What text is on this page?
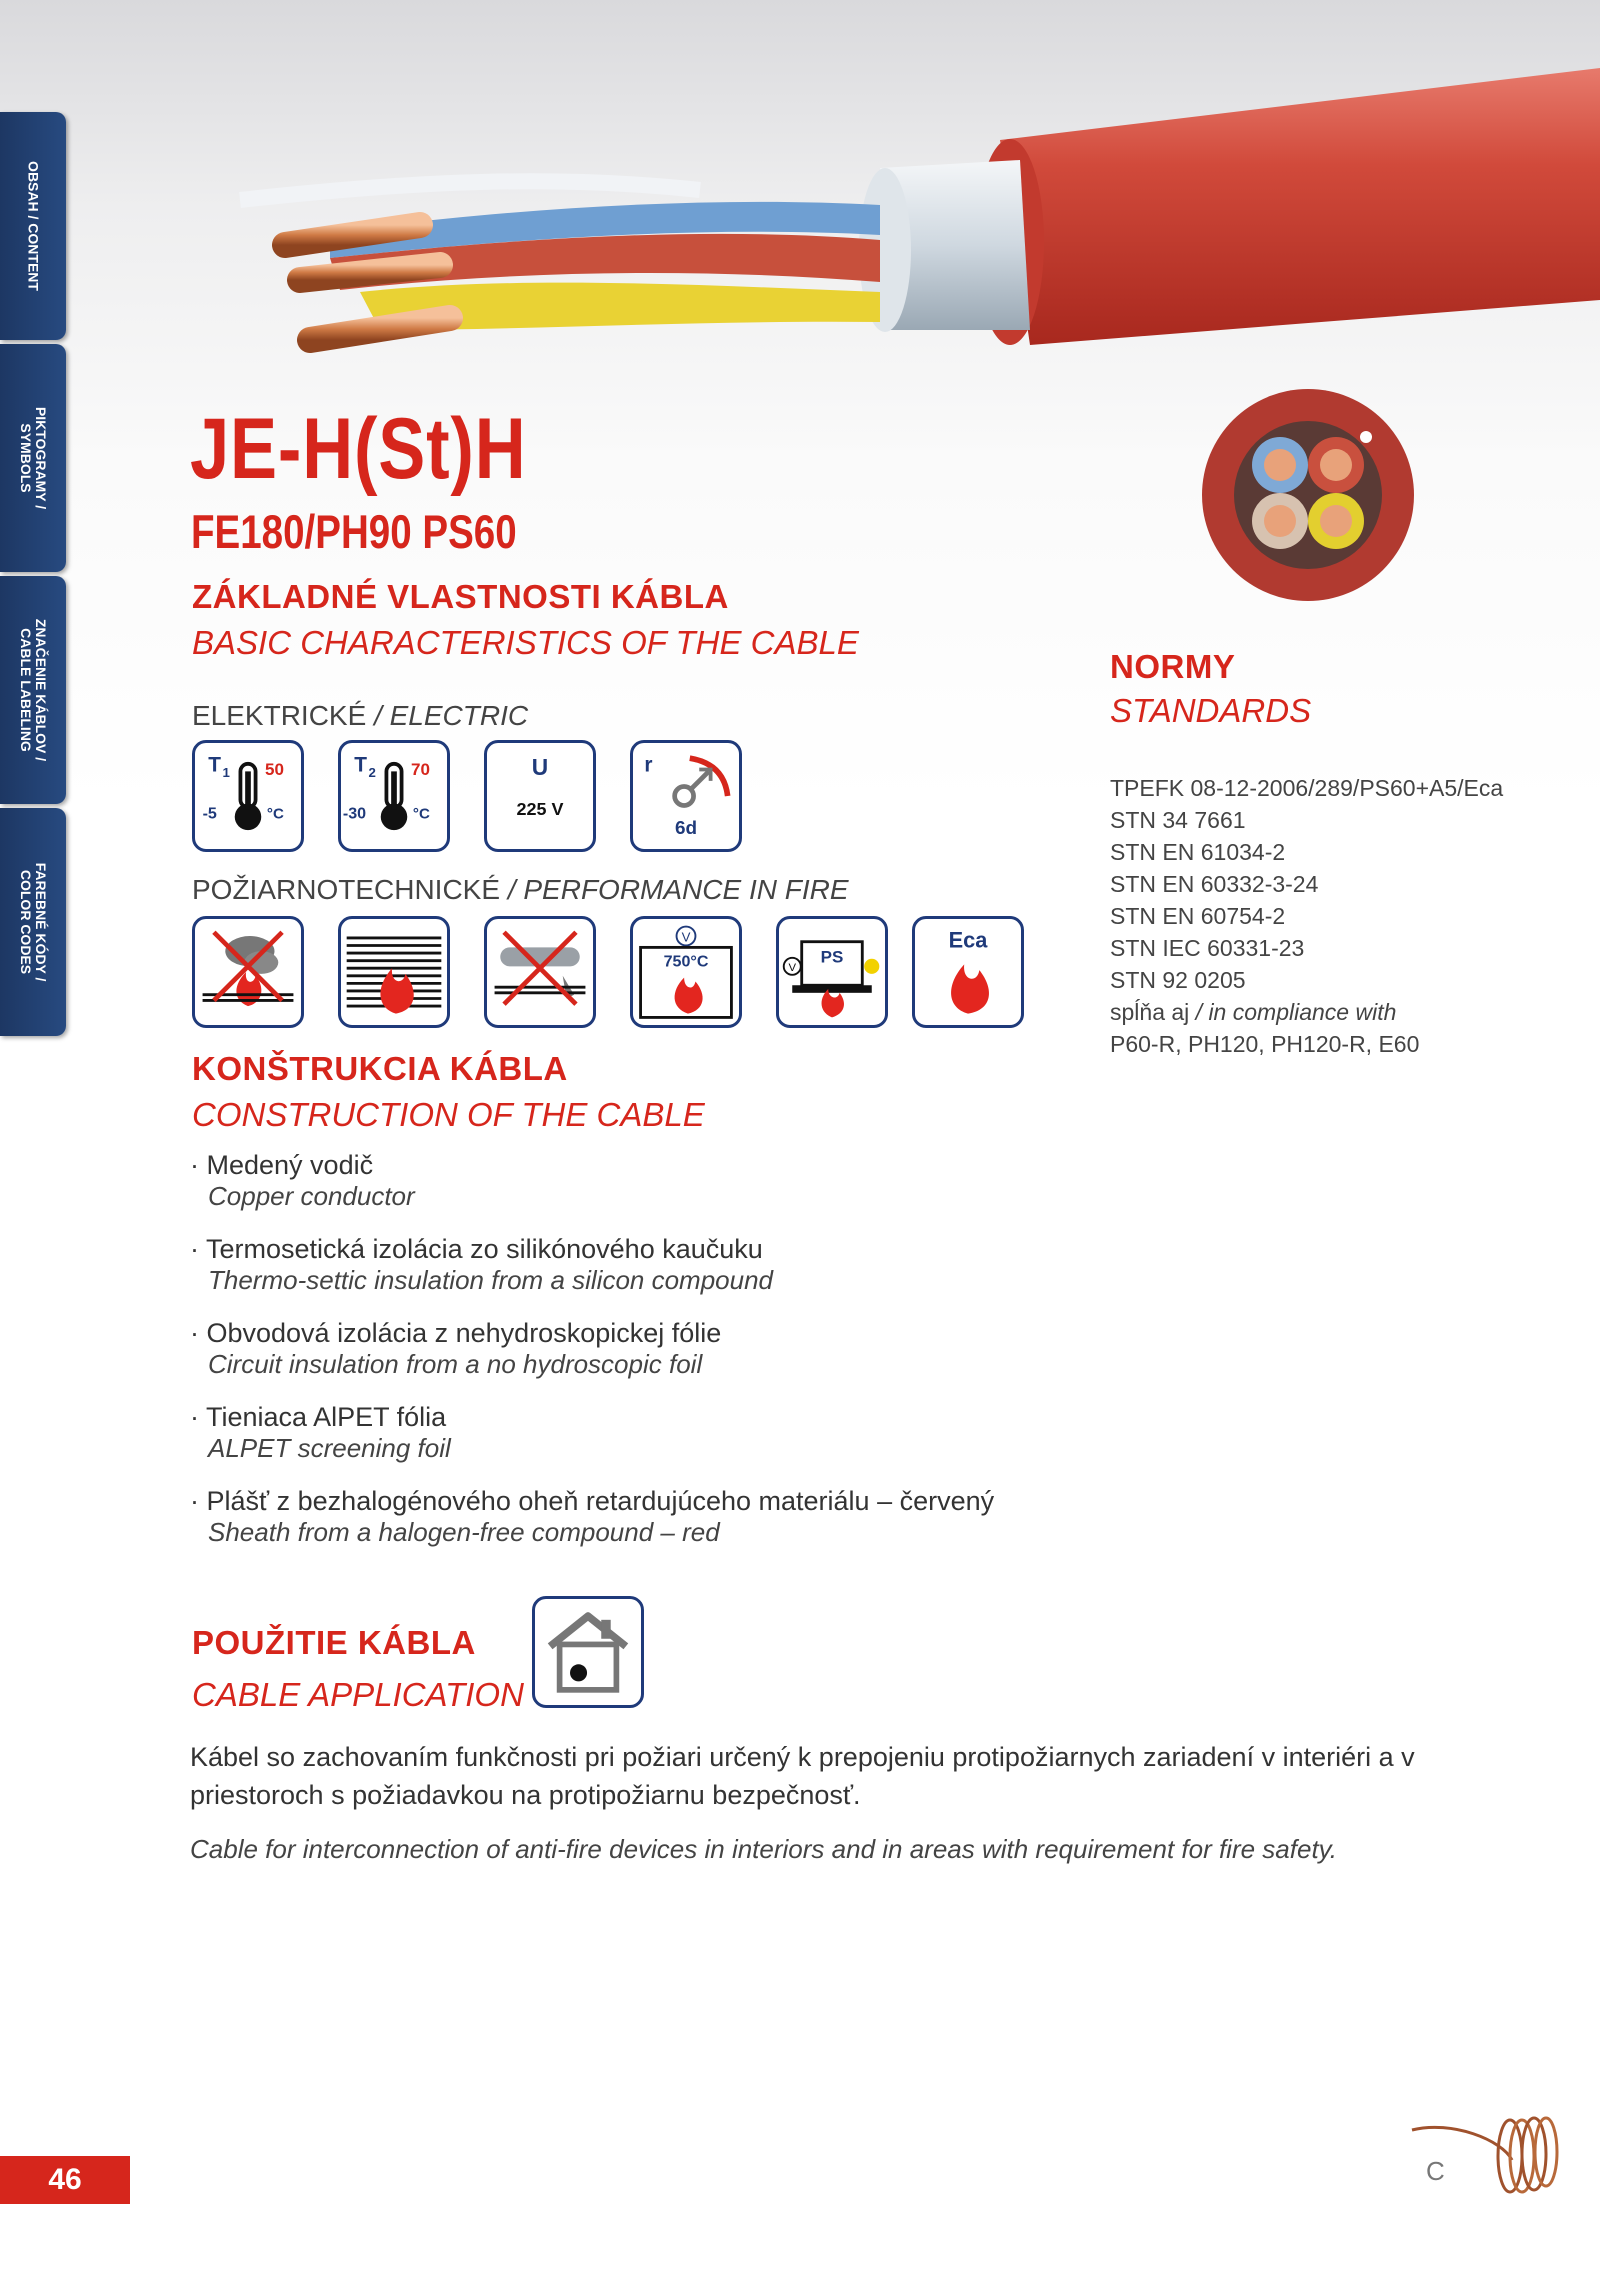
OBSAH / CONTENT
PIKTOGRAMY /
SYMBOLS
ZNAČENIE KÁBLOV /
CABLE LABELING
FAREBNÉ KÓDY /
COLOR CODES
JE-H(St)H
FE180/PH90 PS60
ZÁKLADNÉ VLASTNOSTI KÁBLA
BASIC CHARACTERISTICS OF THE CABLE
ELEKTRICKÉ / ELECTRIC
T 1 50
-5	°C
T 2 70
-30	°C
U
225 V
r
6d
POŽIARNOTECHNICKÉ / PERFORMANCE IN FIRE
V
750°C	V
PS
Eca
KONŠTRUKCIA KÁBLA
CONSTRUCTION OF THE CABLE
· Medený vodič
Copper conductor
· Termosetická izolácia zo silikónového kaučuku
Thermo-settic insulation from a silicon compound
· Obvodová izolácia z nehydroskopickej fólie
Circuit insulation from a no hydroscopic foil
· Tieniaca AlPET fólia
ALPET screening foil
· Plášť z bezhalogénového oheň retardujúceho materiálu – červený
Sheath from a halogen-free compound – red
POUŽITIE KÁBLA
CABLE APPLICATION
Kábel so zachovaním funkčnosti pri požiari určený k prepojeniu protipožiarnych zariadení v interiéri a v priestoroch s požiadavkou na protipožiarnu bezpečnosť.
Cable for interconnection of anti-fire devices in interiors and in areas with requirement for fire safety.
NORMY
STANDARDS
TPEFK 08-12-2006/289/PS60+A5/Eca
STN 34 7661
STN EN 61034-2
STN EN 60332-3-24
STN EN 60754-2
STN IEC 60331-23
STN 92 0205
spĺňa aj / in compliance with
P60-R, PH120, PH120-R, E60
46	C
